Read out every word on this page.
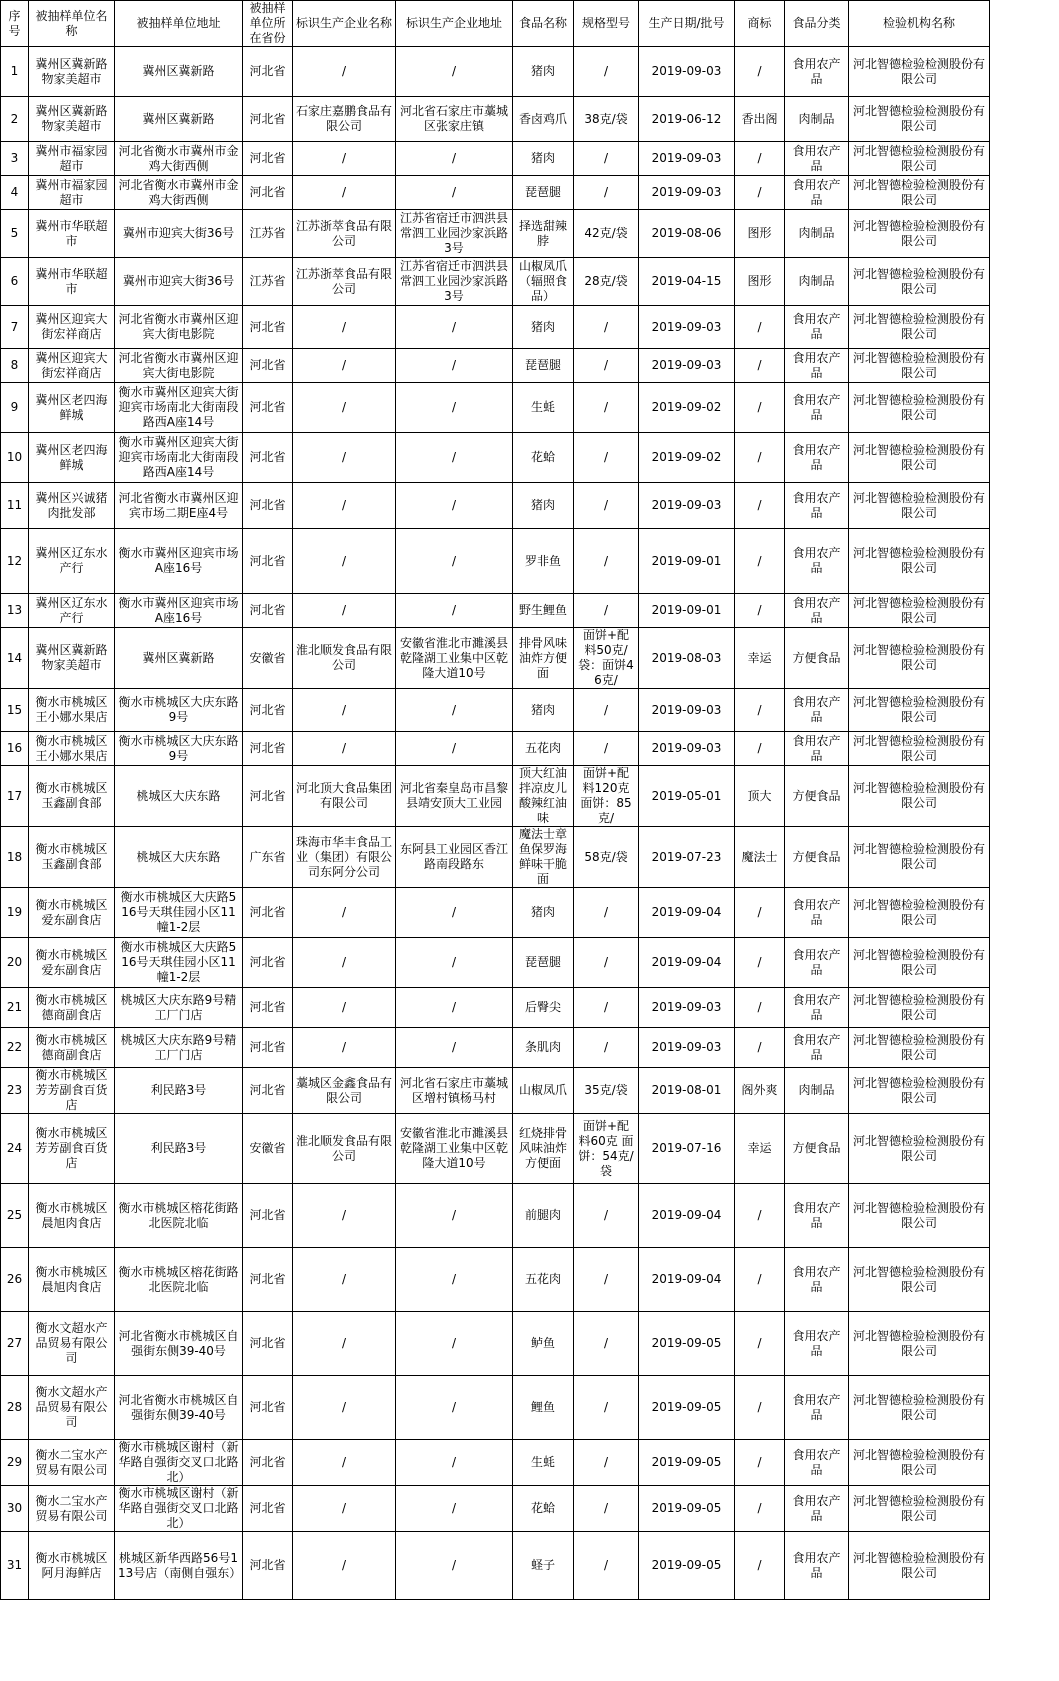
序号	被抽样单位名称	被抽样单位地址	被抽样单位所在省份	标识生产企业名称	标识生产企业地址	食品名称	规格型号	生产日期/批号	商标	食品分类	检验机构名称
1	冀州区冀新路物家美超市	冀州区冀新路	河北省	/	/	猪肉	/	2019-09-03	/	食用农产品	河北智德检验检测股份有限公司
2	冀州区冀新路物家美超市	冀州区冀新路	河北省	石家庄嘉鹏食品有限公司	河北省石家庄市藁城区张家庄镇	香卤鸡爪	38克/袋	2019-06-12	香出阁	肉制品	河北智德检验检测股份有限公司
3	冀州市福家园超市	河北省衡水市冀州市金鸡大街西侧	河北省	/	/	猪肉	/	2019-09-03	/	食用农产品	河北智德检验检测股份有限公司
4	冀州市福家园超市	河北省衡水市冀州市金鸡大街西侧	河北省	/	/	琵琶腿	/	2019-09-03	/	食用农产品	河北智德检验检测股份有限公司
5	冀州市华联超市	冀州市迎宾大街36号	江苏省	江苏浙萃食品有限公司	江苏省宿迁市泗洪县常泗工业园沙家浜路3号	择选甜辣脖	42克/袋	2019-08-06	图形	肉制品	河北智德检验检测股份有限公司
6	冀州市华联超市	冀州市迎宾大街36号	江苏省	江苏浙萃食品有限公司	江苏省宿迁市泗洪县常泗工业园沙家浜路3号	山椒凤爪（辐照食品）	28克/袋	2019-04-15	图形	肉制品	河北智德检验检测股份有限公司
7	冀州区迎宾大街宏祥商店	河北省衡水市冀州区迎宾大街电影院	河北省	/	/	猪肉	/	2019-09-03	/	食用农产品	河北智德检验检测股份有限公司
8	冀州区迎宾大街宏祥商店	河北省衡水市冀州区迎宾大街电影院	河北省	/	/	琵琶腿	/	2019-09-03	/	食用农产品	河北智德检验检测股份有限公司
9	冀州区老四海鲜城	衡水市冀州区迎宾大街迎宾市场南北大街南段路西A座14号	河北省	/	/	生蚝	/	2019-09-02	/	食用农产品	河北智德检验检测股份有限公司
10	冀州区老四海鲜城	衡水市冀州区迎宾大街迎宾市场南北大街南段路西A座14号	河北省	/	/	花蛤	/	2019-09-02	/	食用农产品	河北智德检验检测股份有限公司
11	冀州区兴诚猪肉批发部	河北省衡水市冀州区迎宾市场二期E座4号	河北省	/	/	猪肉	/	2019-09-03	/	食用农产品	河北智德检验检测股份有限公司
12	冀州区辽东水产行	衡水市冀州区迎宾市场A座16号	河北省	/	/	罗非鱼	/	2019-09-01	/	食用农产品	河北智德检验检测股份有限公司
13	冀州区辽东水产行	衡水市冀州区迎宾市场A座16号	河北省	/	/	野生鲤鱼	/	2019-09-01	/	食用农产品	河北智德检验检测股份有限公司
14	冀州区冀新路物家美超市	冀州区冀新路	安徽省	淮北顺发食品有限公司	安徽省淮北市濉溪县乾隆湖工业集中区乾隆大道10号	排骨风味油炸方便面	面饼+配料50克/袋：面饼46克/	2019-08-03	幸运	方便食品	河北智德检验检测股份有限公司
15	衡水市桃城区王小娜水果店	衡水市桃城区大庆东路9号	河北省	/	/	猪肉	/	2019-09-03	/	食用农产品	河北智德检验检测股份有限公司
16	衡水市桃城区王小娜水果店	衡水市桃城区大庆东路9号	河北省	/	/	五花肉	/	2019-09-03	/	食用农产品	河北智德检验检测股份有限公司
17	衡水市桃城区玉鑫副食部	桃城区大庆东路	河北省	河北顶大食品集团有限公司	河北省秦皇岛市昌黎县靖安顶大工业园	顶大红油拌凉皮儿 酸辣红油味	面饼+配料120克 面饼：85克/	2019-05-01	顶大	方便食品	河北智德检验检测股份有限公司
18	衡水市桃城区玉鑫副食部	桃城区大庆东路	广东省	珠海市华丰食品工业（集团）有限公司东阿分公司	东阿县工业园区香江路南段路东	魔法士章鱼保罗海鲜味干脆面	58克/袋	2019-07-23	魔法士	方便食品	河北智德检验检测股份有限公司
19	衡水市桃城区爱东副食店	衡水市桃城区大庆路516号天琪佳园小区11幢1-2层	河北省	/	/	猪肉	/	2019-09-04	/	食用农产品	河北智德检验检测股份有限公司
20	衡水市桃城区爱东副食店	衡水市桃城区大庆路516号天琪佳园小区11幢1-2层	河北省	/	/	琵琶腿	/	2019-09-04	/	食用农产品	河北智德检验检测股份有限公司
21	衡水市桃城区德商副食店	桃城区大庆东路9号精工厂门店	河北省	/	/	后臀尖	/	2019-09-03	/	食用农产品	河北智德检验检测股份有限公司
22	衡水市桃城区德商副食店	桃城区大庆东路9号精工厂门店	河北省	/	/	条肌肉	/	2019-09-03	/	食用农产品	河北智德检验检测股份有限公司
23	衡水市桃城区芳芳副食百货店	利民路3号	河北省	藁城区金鑫食品有限公司	河北省石家庄市藁城区增村镇杨马村	山椒凤爪	35克/袋	2019-08-01	阁外爽	肉制品	河北智德检验检测股份有限公司
24	衡水市桃城区芳芳副食百货店	利民路3号	安徽省	淮北顺发食品有限公司	安徽省淮北市濉溪县乾隆湖工业集中区乾隆大道10号	红烧排骨风味油炸方便面	面饼+配料60克 面饼：54克/袋	2019-07-16	幸运	方便食品	河北智德检验检测股份有限公司
25	衡水市桃城区晨旭肉食店	衡水市桃城区榕花街路北医院北临	河北省	/	/	前腿肉	/	2019-09-04	/	食用农产品	河北智德检验检测股份有限公司
26	衡水市桃城区晨旭肉食店	衡水市桃城区榕花街路北医院北临	河北省	/	/	五花肉	/	2019-09-04	/	食用农产品	河北智德检验检测股份有限公司
27	衡水文超水产品贸易有限公司	河北省衡水市桃城区自强街东侧39-40号	河北省	/	/	鲈鱼	/	2019-09-05	/	食用农产品	河北智德检验检测股份有限公司
28	衡水文超水产品贸易有限公司	河北省衡水市桃城区自强街东侧39-40号	河北省	/	/	鲤鱼	/	2019-09-05	/	食用农产品	河北智德检验检测股份有限公司
29	衡水二宝水产贸易有限公司	衡水市桃城区谢村（新华路自强街交叉口北路北）	河北省	/	/	生蚝	/	2019-09-05	/	食用农产品	河北智德检验检测股份有限公司
30	衡水二宝水产贸易有限公司	衡水市桃城区谢村（新华路自强街交叉口北路北）	河北省	/	/	花蛤	/	2019-09-05	/	食用农产品	河北智德检验检测股份有限公司
31	衡水市桃城区阿月海鲜店	桃城区新华西路56号113号店（南侧自强东）	河北省	/	/	蛏子	/	2019-09-05	/	食用农产品	河北智德检验检测股份有限公司
